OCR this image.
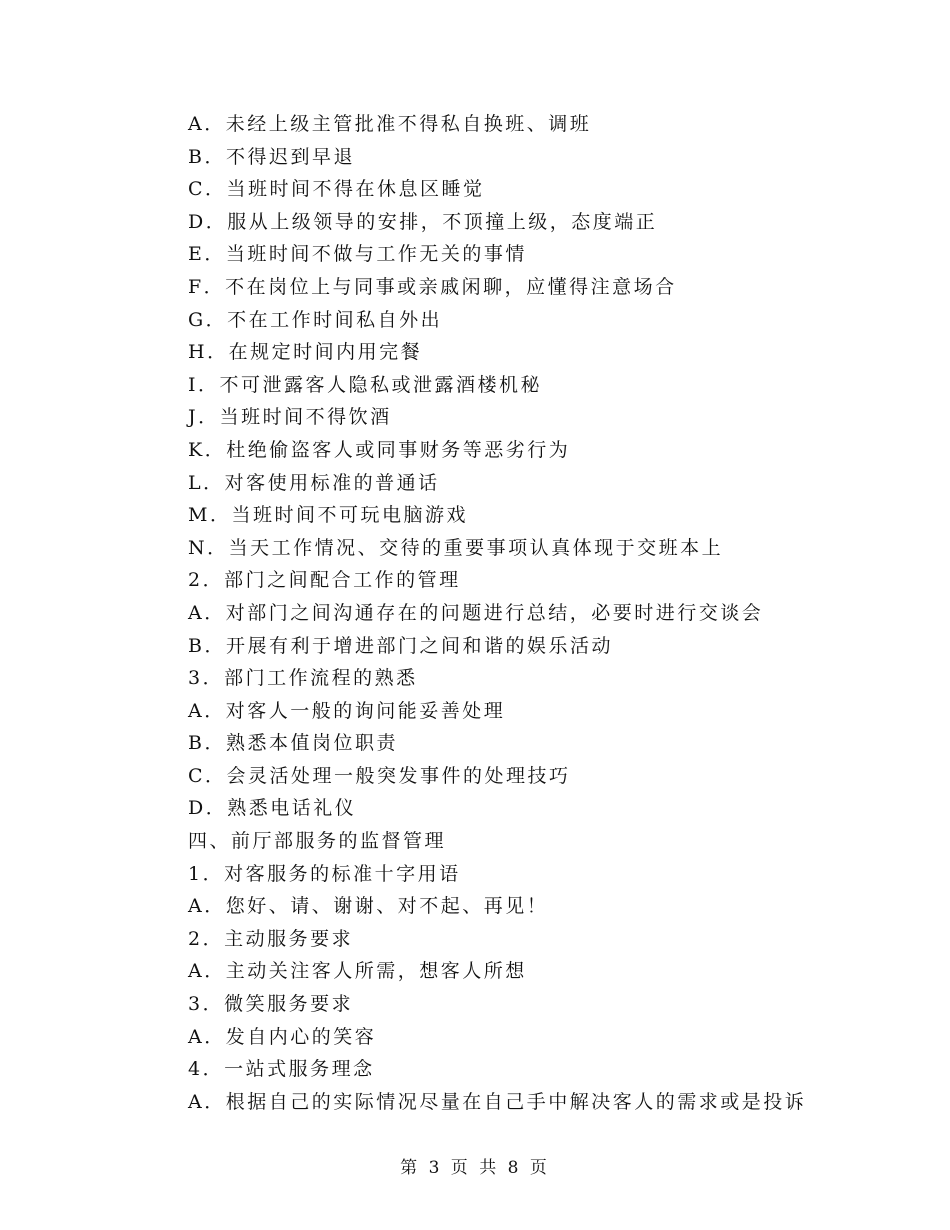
A．未经上级主管批准不得私自换班、调班
B．不得迟到早退
C．当班时间不得在休息区睡觉
D．服从上级领导的安排，不顶撞上级，态度端正
E．当班时间不做与工作无关的事情
F．不在岗位上与同事或亲戚闲聊，应懂得注意场合
G．不在工作时间私自外出
H．在规定时间内用完餐
I．不可泄露客人隐私或泄露酒楼机秘
J．当班时间不得饮酒
K．杜绝偷盗客人或同事财务等恶劣行为
L．对客使用标准的普通话
M．当班时间不可玩电脑游戏
N．当天工作情况、交待的重要事项认真体现于交班本上
2．部门之间配合工作的管理
A．对部门之间沟通存在的问题进行总结，必要时进行交谈会
B．开展有利于增进部门之间和谐的娱乐活动
3．部门工作流程的熟悉
A．对客人一般的询问能妥善处理
B．熟悉本值岗位职责
C．会灵活处理一般突发事件的处理技巧
D．熟悉电话礼仪
四、前厅部服务的监督管理
1．对客服务的标准十字用语
A．您好、请、谢谢、对不起、再见！
2．主动服务要求
A．主动关注客人所需，想客人所想
3．微笑服务要求
A．发自内心的笑容
4．一站式服务理念
A．根据自己的实际情况尽量在自己手中解决客人的需求或是投诉
第 3 页 共 8 页
